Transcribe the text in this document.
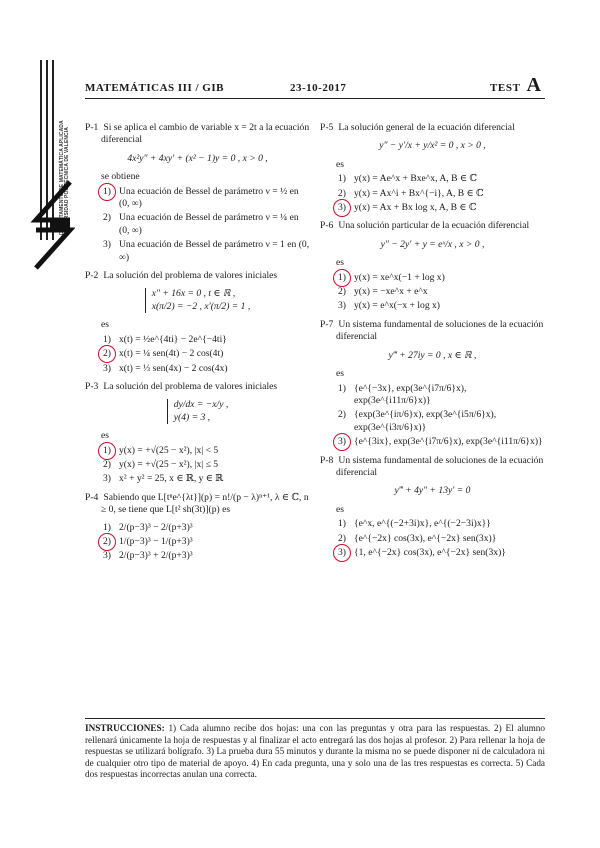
DEPARTAMENTO DE MATEMÁTICA APLICADA
UNIVERSIDAD POLITÉCNICA DE VALENCIA
MATEMÁTICAS III / GIB	23-10-2017	TEST A
P-1 Si se aplica el cambio de variable x = 2t a la ecuación diferencial
4x²y″ + 4xy′ + (x² − 1)y = 0 , x > 0 ,
se obtiene
1) Una ecuación de Bessel de parámetro ν = ½ en (0, ∞)
2) Una ecuación de Bessel de parámetro ν = ¼ en (0, ∞)
3) Una ecuación de Bessel de parámetro ν = 1 en (0, ∞)
P-2 La solución del problema de valores iniciales
x″ + 16x = 0 , t ∈ ℝ ,
x(π/2) = −2 , x′(π/2) = 1 ,
es
1) x(t) = ½e^{4ti} − 2e^{−4ti}
2) x(t) = ¼ sen(4t) − 2 cos(4t)
3) x(t) = ⅓ sen(4x) − 2 cos(4x)
P-3 La solución del problema de valores iniciales
dy/dx = −x/y ,
y(4) = 3 ,
es
1) y(x) = +√(25 − x²), |x| < 5
2) y(x) = +√(25 − x²), |x| ≤ 5
3) x² + y² = 25, x ∈ ℝ, y ∈ ℝ
P-4 Sabiendo que L[tⁿe^{λt}](p) = n!/(p − λ)ⁿ⁺¹, λ ∈ ℂ, n ≥ 0, se tiene que L[t² sh(3t)](p) es
1) 2/(p−3)³ − 2/(p+3)³
2) 1/(p−3)³ − 1/(p+3)³
3) 2/(p−3)³ + 2/(p+3)³
P-5 La solución general de la ecuación diferencial
y″ − y′/x + y/x² = 0 , x > 0 ,
es
1) y(x) = Ae^x + Bxe^x, A, B ∈ ℂ
2) y(x) = Ax^i + Bx^{−i}, A, B ∈ ℂ
3) y(x) = Ax + Bx log x, A, B ∈ ℂ
P-6 Una solución particular de la ecuación diferencial
y″ − 2y′ + y = eˣ/x , x > 0 ,
es
1) y(x) = xe^x(−1 + log x)
2) y(x) = −xe^x + e^x
3) y(x) = e^x(−x + log x)
P-7 Un sistema fundamental de soluciones de la ecuación diferencial
y‴ + 27iy = 0 , x ∈ ℝ ,
es
1) {e^{−3x}, exp(3e^{i7π/6}x), exp(3e^{i11π/6}x)}
2) {exp(3e^{iπ/6}x), exp(3e^{i5π/6}x), exp(3e^{i3π/6}x)}
3) {e^{3ix}, exp(3e^{i7π/6}x), exp(3e^{i11π/6}x)}
P-8 Un sistema fundamental de soluciones de la ecuación diferencial
y‴ + 4y″ + 13y′ = 0
es
1) {e^x, e^{(−2+3i)x}, e^{(−2−3i)x}}
2) {e^{−2x} cos(3x), e^{−2x} sen(3x)}
3) {1, e^{−2x} cos(3x), e^{−2x} sen(3x)}
INSTRUCCIONES: 1) Cada alumno recibe dos hojas: una con las preguntas y otra para las respuestas. 2) El alumno rellenará únicamente la hoja de respuestas y al finalizar el acto entregará las dos hojas al profesor. 2) Para rellenar la hoja de respuestas se utilizará bolígrafo. 3) La prueba dura 55 minutos y durante la misma no se puede disponer ni de calculadora ni de cualquier otro tipo de material de apoyo. 4) En cada pregunta, una y solo una de las tres respuestas es correcta. 5) Cada dos respuestas incorrectas anulan una correcta.
